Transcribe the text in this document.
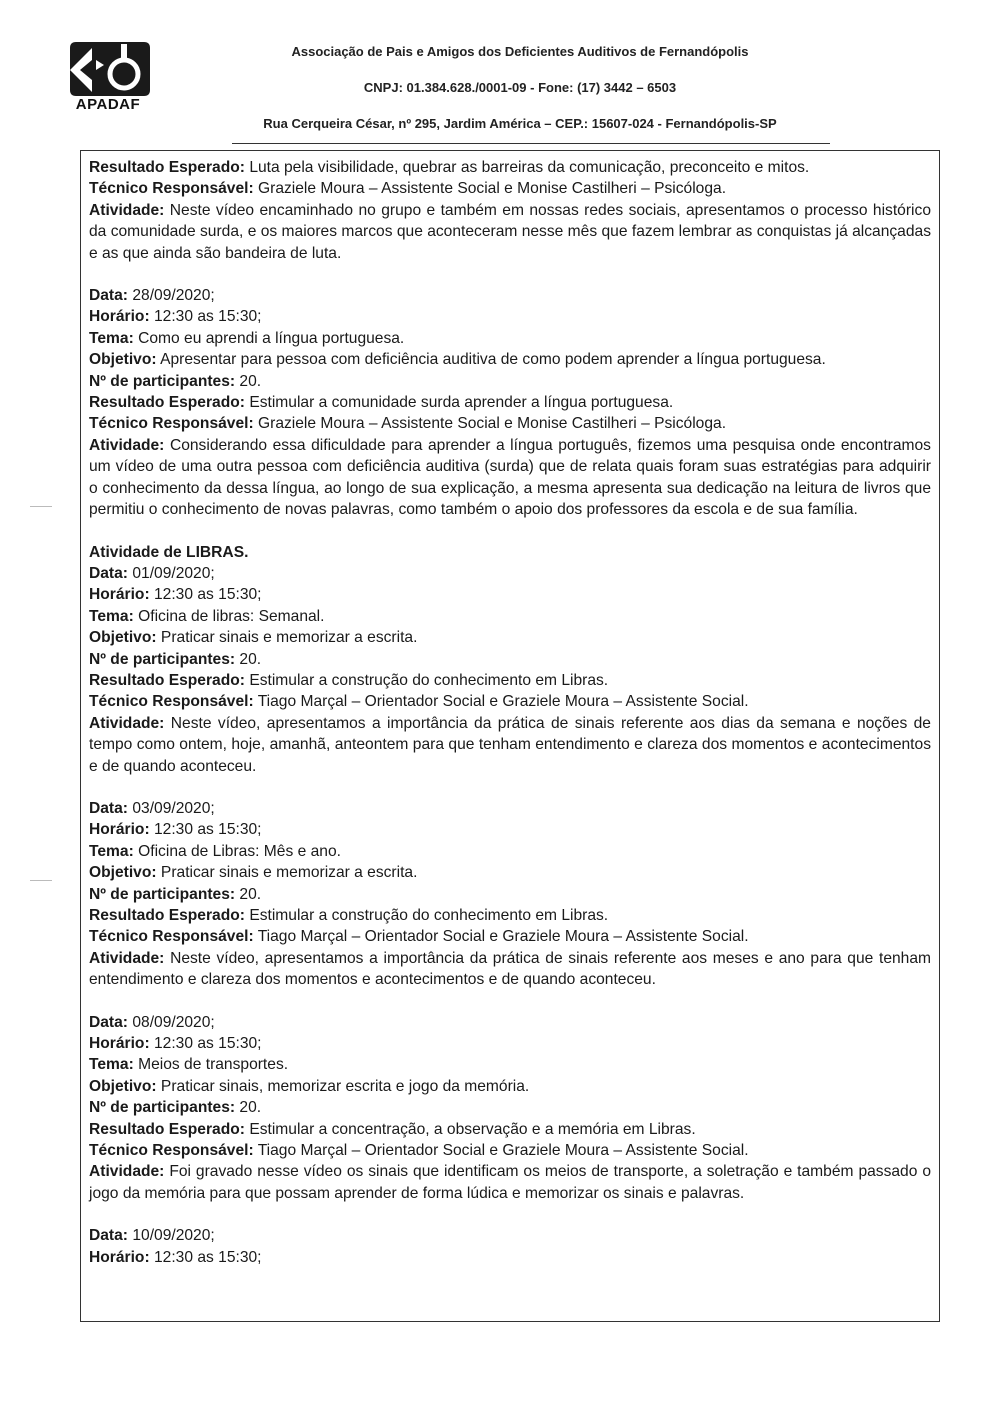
APADAF
Associação de Pais e Amigos dos Deficientes Auditivos de Fernandópolis
CNPJ: 01.384.628./0001-09 - Fone: (17) 3442 – 6503
Rua Cerqueira César, nº 295, Jardim América – CEP.: 15607-024 - Fernandópolis-SP
Resultado Esperado: Luta pela visibilidade, quebrar as barreiras da comunicação, preconceito e mitos.
Técnico Responsável: Graziele Moura – Assistente Social e Monise Castilheri – Psicóloga.
Atividade: Neste vídeo encaminhado no grupo e também em nossas redes sociais, apresentamos o processo histórico da comunidade surda, e os maiores marcos que aconteceram nesse mês que fazem lembrar as conquistas já alcançadas e as que ainda são bandeira de luta.
Data: 28/09/2020;
Horário: 12:30 as 15:30;
Tema: Como eu aprendi a língua portuguesa.
Objetivo: Apresentar para pessoa com deficiência auditiva de como podem aprender a língua portuguesa.
Nº de participantes: 20.
Resultado Esperado: Estimular a comunidade surda aprender a língua portuguesa.
Técnico Responsável: Graziele Moura – Assistente Social e Monise Castilheri – Psicóloga.
Atividade: Considerando essa dificuldade para aprender a língua português, fizemos uma pesquisa onde encontramos um vídeo de uma outra pessoa com deficiência auditiva (surda) que de relata quais foram suas estratégias para adquirir o conhecimento da dessa língua, ao longo de sua explicação, a mesma apresenta sua dedicação na leitura de livros que permitiu o conhecimento de novas palavras, como também o apoio dos professores da escola e de sua família.
Atividade de LIBRAS.
Data: 01/09/2020;
Horário: 12:30 as 15:30;
Tema: Oficina de libras: Semanal.
Objetivo: Praticar sinais e memorizar a escrita.
Nº de participantes: 20.
Resultado Esperado: Estimular a construção do conhecimento em Libras.
Técnico Responsável: Tiago Marçal – Orientador Social e Graziele Moura – Assistente Social.
Atividade: Neste vídeo, apresentamos a importância da prática de sinais referente aos dias da semana e noções de tempo como ontem, hoje, amanhã, anteontem para que tenham entendimento e clareza dos momentos e acontecimentos e de quando aconteceu.
Data: 03/09/2020;
Horário: 12:30 as 15:30;
Tema: Oficina de Libras: Mês e ano.
Objetivo: Praticar sinais e memorizar a escrita.
Nº de participantes: 20.
Resultado Esperado: Estimular a construção do conhecimento em Libras.
Técnico Responsável: Tiago Marçal – Orientador Social e Graziele Moura – Assistente Social.
Atividade: Neste vídeo, apresentamos a importância da prática de sinais referente aos meses e ano para que tenham entendimento e clareza dos momentos e acontecimentos e de quando aconteceu.
Data: 08/09/2020;
Horário: 12:30 as 15:30;
Tema: Meios de transportes.
Objetivo: Praticar sinais, memorizar escrita e jogo da memória.
Nº de participantes: 20.
Resultado Esperado: Estimular a concentração, a observação e a memória em Libras.
Técnico Responsável: Tiago Marçal – Orientador Social e Graziele Moura – Assistente Social.
Atividade: Foi gravado nesse vídeo os sinais que identificam os meios de transporte, a soletração e também passado o jogo da memória para que possam aprender de forma lúdica e memorizar os sinais e palavras.
Data: 10/09/2020;
Horário: 12:30 as 15:30;
